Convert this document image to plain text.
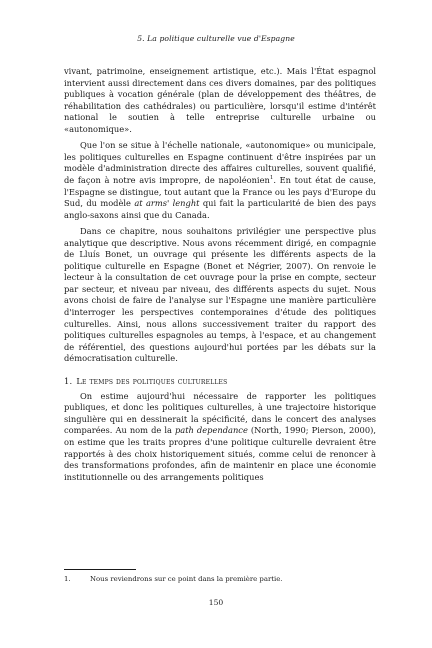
5. La politique culturelle vue d'Espagne

vivant, patrimoine, enseignement artistique, etc.). Mais l'État espagnol intervient aussi directement dans ces divers domaines, par des politiques publiques à vocation générale (plan de développement des théâtres, de réhabilitation des cathédrales) ou particulière, lorsqu'il estime d'intérêt national le soutien à telle entreprise culturelle urbaine ou «autonomique».

Que l'on se situe à l'échelle nationale, «autonomique» ou municipale, les politiques culturelles en Espagne continuent d'être inspirées par un modèle d'administration directe des affaires culturelles, souvent qualifié, de façon à notre avis impropre, de napoléonien$^1$. En tout état de cause, l'Espagne se distingue, tout autant que la France ou les pays d'Europe du Sud, du modèle at arms' lenght qui fait la particularité de bien des pays anglo-saxons ainsi que du Canada.

Dans ce chapitre, nous souhaitons privilégier une perspective plus analytique que descriptive. Nous avons récemment dirigé, en compagnie de Lluís Bonet, un ouvrage qui présente les différents aspects de la politique culturelle en Espagne (Bonet et Négrier, 2007). On renvoie le lecteur à la consultation de cet ouvrage pour la prise en compte, secteur par secteur, et niveau par niveau, des différents aspects du sujet. Nous avons choisi de faire de l'analyse sur l'Espagne une manière particulière d'interroger les perspectives contemporaines d'étude des politiques culturelles. Ainsi, nous allons successivement traiter du rapport des politiques culturelles espagnoles au temps, à l'espace, et au changement de référentiel, des questions aujourd'hui portées par les débats sur la démocratisation culturelle.

1. Le temps des politiques culturelles

On estime aujourd'hui nécessaire de rapporter les politiques publiques, et donc les politiques culturelles, à une trajectoire historique singulière qui en dessinerait la spécificité, dans le concert des analyses comparées. Au nom de la path dependance (North, 1990; Pierson, 2000), on estime que les traits propres d'une politique culturelle devraient être rapportés à des choix historiquement situés, comme celui de renoncer à des transformations profondes, afin de maintenir en place une économie institutionnelle ou des arrangements politiques

1.	Nous reviendrons sur ce point dans la première partie.
150
